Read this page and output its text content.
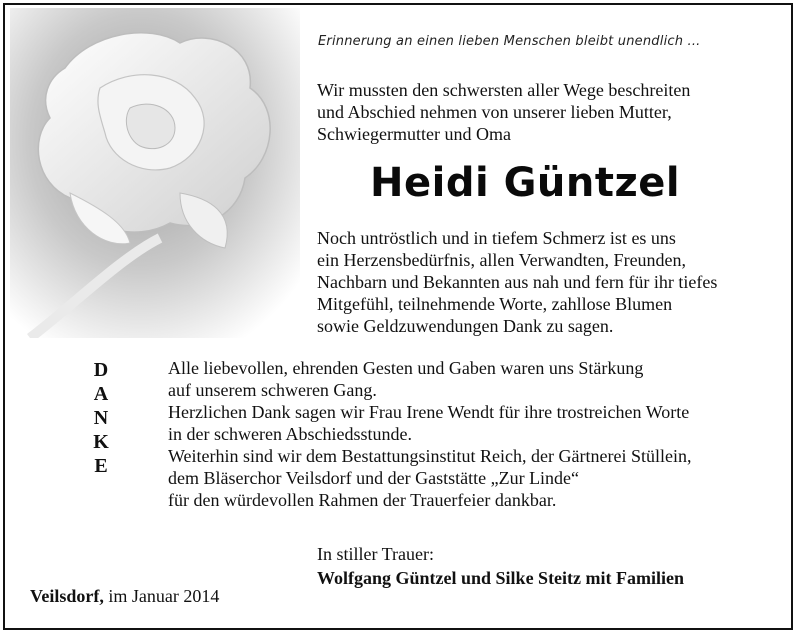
Erinnerung an einen lieben Menschen bleibt unendlich ...

Wir mussten den schwersten aller Wege beschreiten

und Abschied nehmen von unserer lieben Mutter,

Schwiegermutter und Oma

Heidi Güntzel

Noch untröstlich und in tiefem Schmerz ist es uns

ein Herzensbedürfnis, allen Verwandten, Freunden,

Nachbarn und Bekannten aus nah und fern für ihr tiefes

Mitgefühl, teilnehmende Worte, zahllose Blumen

sowie Geldzuwendungen Dank zu sagen.

D
A
N
K
E

Alle liebevollen, ehrenden Gesten und Gaben waren uns Stärkung

auf unserem schweren Gang.

Herzlichen Dank sagen wir Frau Irene Wendt für ihre trostreichen Worte

in der schweren Abschiedsstunde.

Weiterhin sind wir dem Bestattungsinstitut Reich, der Gärtnerei Stüllein,

dem Bläserchor Veilsdorf und der Gaststätte „Zur Linde“

für den würdevollen Rahmen der Trauerfeier dankbar.

In stiller Trauer:
Wolfgang Güntzel und Silke Steitz mit Familien
Veilsdorf, im Januar 2014
